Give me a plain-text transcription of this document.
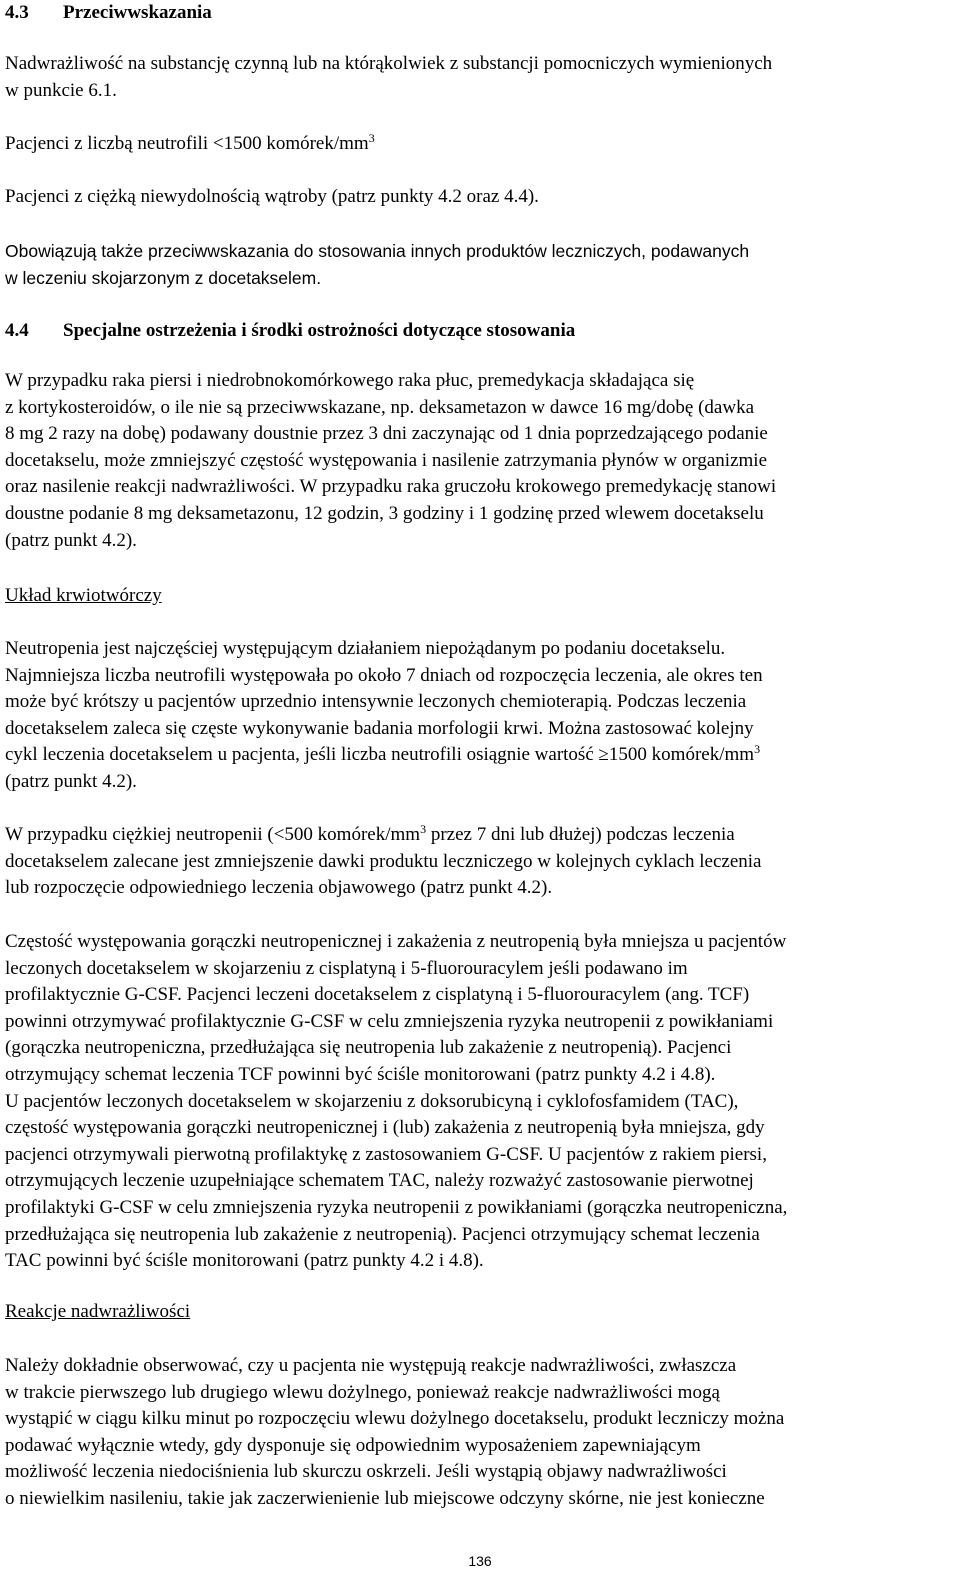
4.3 Przeciwwskazania
Nadwrażliwość na substancję czynną lub na którąkolwiek z substancji pomocniczych wymienionych
w punkcie 6.1.
Pacjenci z liczbą neutrofili <1500 komórek/$mm^3$
Pacjenci z ciężką niewydolnością wątroby (patrz punkty 4.2 oraz 4.4).
Obowiązują także przeciwwskazania do stosowania innych produktów leczniczych, podawanych
w leczeniu skojarzonym z docetakselem.
4.4 Specjalne ostrzeżenia i środki ostrożności dotyczące stosowania
W przypadku raka piersi i niedrobnokomórkowego raka płuc, premedykacja składająca się
z kortykosteroidów, o ile nie są przeciwwskazane, np. deksametazon w dawce 16 mg/dobę (dawka
8 mg 2 razy na dobę) podawany doustnie przez 3 dni zaczynając od 1 dnia poprzedzającego podanie
docetakselu, może zmniejszyć częstość występowania i nasilenie zatrzymania płynów w organizmie
oraz nasilenie reakcji nadwrażliwości. W przypadku raka gruczołu krokowego premedykację stanowi
doustne podanie 8 mg deksametazonu, 12 godzin, 3 godziny i 1 godzinę przed wlewem docetakselu
(patrz punkt 4.2).
Układ krwiotwórczy
Neutropenia jest najczęściej występującym działaniem niepożądanym po podaniu docetakselu.
Najmniejsza liczba neutrofili występowała po około 7 dniach od rozpoczęcia leczenia, ale okres ten
może być krótszy u pacjentów uprzednio intensywnie leczonych chemioterapią. Podczas leczenia
docetakselem zaleca się częste wykonywanie badania morfologii krwi. Można zastosować kolejny
cykl leczenia docetakselem u pacjenta, jeśli liczba neutrofili osiągnie wartość ≥1500 komórek/$mm^3$
(patrz punkt 4.2).
W przypadku ciężkiej neutropenii (<500 komórek/$mm^3$ przez 7 dni lub dłużej) podczas leczenia
docetakselem zalecane jest zmniejszenie dawki produktu leczniczego w kolejnych cyklach leczenia
lub rozpoczęcie odpowiedniego leczenia objawowego (patrz punkt 4.2).
Częstość występowania gorączki neutropenicznej i zakażenia z neutropenią była mniejsza u pacjentów
leczonych docetakselem w skojarzeniu z cisplatyną i 5-fluorouracylem jeśli podawano im
profilaktycznie G-CSF. Pacjenci leczeni docetakselem z cisplatyną i 5-fluorouracylem (ang. TCF)
powinni otrzymywać profilaktycznie G-CSF w celu zmniejszenia ryzyka neutropenii z powikłaniami
(gorączka neutropeniczna, przedłużająca się neutropenia lub zakażenie z neutropenią). Pacjenci
otrzymujący schemat leczenia TCF powinni być ściśle monitorowani (patrz punkty 4.2 i 4.8).
U pacjentów leczonych docetakselem w skojarzeniu z doksorubicyną i cyklofosfamidem (TAC),
częstość występowania gorączki neutropenicznej i (lub) zakażenia z neutropenią była mniejsza, gdy
pacjenci otrzymywali pierwotną profilaktykę z zastosowaniem G-CSF. U pacjentów z rakiem piersi,
otrzymujących leczenie uzupełniające schematem TAC, należy rozważyć zastosowanie pierwotnej
profilaktyki G-CSF w celu zmniejszenia ryzyka neutropenii z powikłaniami (gorączka neutropeniczna,
przedłużająca się neutropenia lub zakażenie z neutropenią). Pacjenci otrzymujący schemat leczenia
TAC powinni być ściśle monitorowani (patrz punkty 4.2 i 4.8).
Reakcje nadwrażliwości
Należy dokładnie obserwować, czy u pacjenta nie występują reakcje nadwrażliwości, zwłaszcza
w trakcie pierwszego lub drugiego wlewu dożylnego, ponieważ reakcje nadwrażliwości mogą
wystąpić w ciągu kilku minut po rozpoczęciu wlewu dożylnego docetakselu, produkt leczniczy można
podawać wyłącznie wtedy, gdy dysponuje się odpowiednim wyposażeniem zapewniającym
możliwość leczenia niedociśnienia lub skurczu oskrzeli. Jeśli wystąpią objawy nadwrażliwości
o niewielkim nasileniu, takie jak zaczerwienienie lub miejscowe odczyny skórne, nie jest konieczne
136
